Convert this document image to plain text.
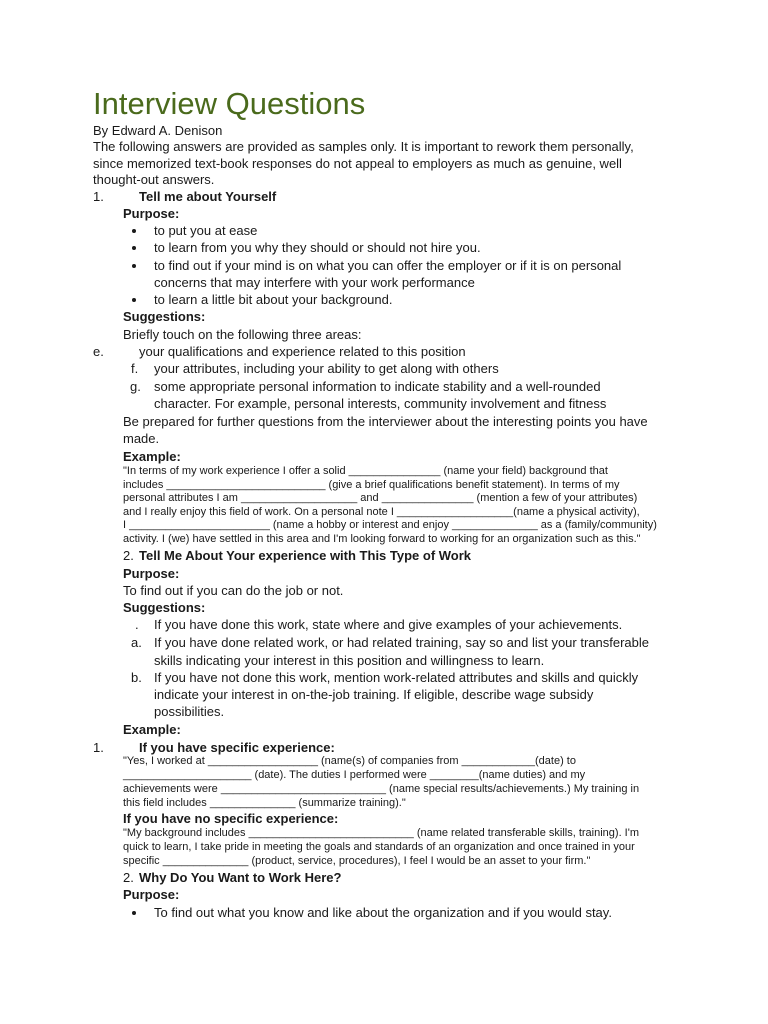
Interview Questions
By Edward A. Denison
The following answers are provided as samples only. It is important to rework them personally,
since memorized text-book responses do not appeal to employers as much as genuine, well
thought-out answers.
1.	Tell me about Yourself
Purpose:
to put you at ease
to learn from you why they should or should not hire you.
to find out if your mind is on what you can offer the employer or if it is on personal
concerns that may interfere with your work performance
to learn a little bit about your background.
Suggestions:
Briefly touch on the following three areas:
e.	your qualifications and experience related to this position
f. your attributes, including your ability to get along with others
g. some appropriate personal information to indicate stability and a well-rounded
character. For example, personal interests, community involvement and fitness
Be prepared for further questions from the interviewer about the interesting points you have
made.
Example:
"In terms of my work experience I offer a solid _______________ (name your field) background that
includes __________________________ (give a brief qualifications benefit statement). In terms of my
personal attributes I am ___________________ and _______________ (mention a few of your attributes)
and I really enjoy this field of work. On a personal note I ___________________(name a physical activity),
I _______________________ (name a hobby or interest and enjoy ______________ as a (family/community)
activity. I (we) have settled in this area and I'm looking forward to working for an organization such as this."
2. Tell Me About Your experience with This Type of Work
Purpose:
To find out if you can do the job or not.
Suggestions:
. If you have done this work, state where and give examples of your achievements.
a. If you have done related work, or had related training, say so and list your transferable
skills indicating your interest in this position and willingness to learn.
b. If you have not done this work, mention work-related attributes and skills and quickly
indicate your interest in on-the-job training. If eligible, describe wage subsidy
possibilities.
Example:
1.	If you have specific experience:
"Yes, I worked at __________________ (name(s) of companies from ____________(date) to
_____________________ (date). The duties I performed were ________(name duties) and my
achievements were ___________________________ (name special results/achievements.) My training in
this field includes ______________ (summarize training)."
If you have no specific experience:
"My background includes ___________________________ (name related transferable skills, training). I'm
quick to learn, I take pride in meeting the goals and standards of an organization and once trained in your
specific ______________ (product, service, procedures), I feel I would be an asset to your firm."
2. Why Do You Want to Work Here?
Purpose:
To find out what you know and like about the organization and if you would stay.
